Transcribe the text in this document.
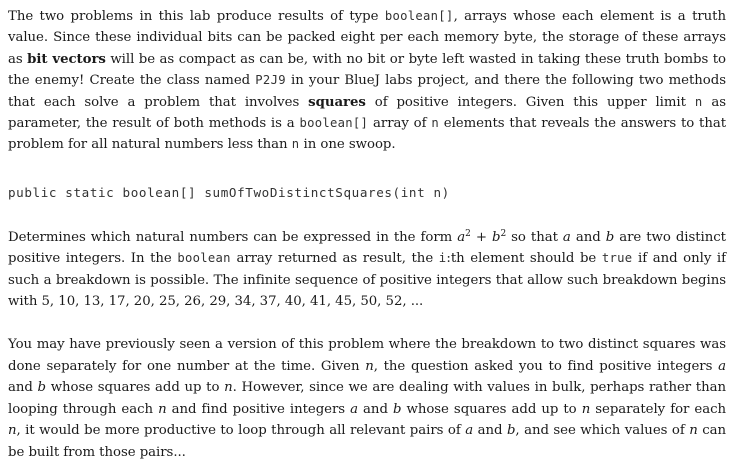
The two problems in this lab produce results of type boolean[], arrays whose each element is a truth value. Since these individual bits can be packed eight per each memory byte, the storage of these arrays as bit vectors will be as compact as can be, with no bit or byte left wasted in taking these truth bombs to the enemy! Create the class named P2J9 in your BlueJ labs project, and there the following two methods that each solve a problem that involves squares of positive integers. Given this upper limit n as parameter, the result of both methods is a boolean[] array of n elements that reveals the answers to that problem for all natural numbers less than n in one swoop.

public static boolean[] sumOfTwoDistinctSquares(int n)

Determines which natural numbers can be expressed in the form $a^2 + b^2$ so that a and b are two distinct positive integers. In the boolean array returned as result, the i:th element should be true if and only if such a breakdown is possible. The infinite sequence of positive integers that allow such breakdown begins with 5, 10, 13, 17, 20, 25, 26, 29, 34, 37, 40, 41, 45, 50, 52, ...

You may have previously seen a version of this problem where the breakdown to two distinct squares was done separately for one number at the time. Given n, the question asked you to find positive integers a and b whose squares add up to n. However, since we are dealing with values in bulk, perhaps rather than looping through each n and find positive integers a and b whose squares add up to n separately for each n, it would be more productive to loop through all relevant pairs of a and b, and see which values of n can be built from those pairs...
